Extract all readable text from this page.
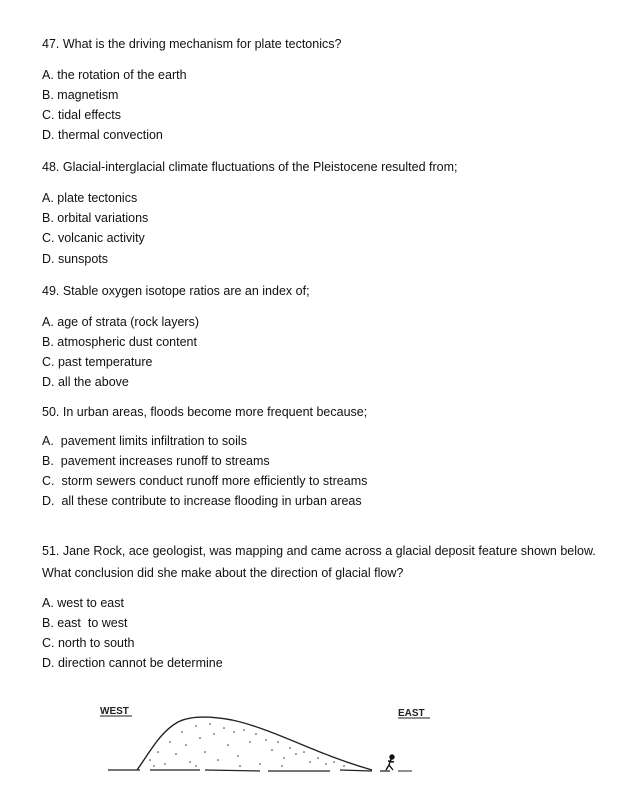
47. What is the driving mechanism for plate tectonics?
A. the rotation of the earth
B. magnetism
C. tidal effects
D. thermal convection
48. Glacial-interglacial climate fluctuations of the Pleistocene resulted from;
A. plate tectonics
B. orbital variations
C. volcanic activity
D. sunspots
49. Stable oxygen isotope ratios are an index of;
A. age of strata (rock layers)
B. atmospheric dust content
C. past temperature
D. all the above
50. In urban areas, floods become more frequent because;
A.  pavement limits infiltration to soils
B.  pavement increases runoff to streams
C.  storm sewers conduct runoff more efficiently to streams
D.  all these contribute to increase flooding in urban areas
51. Jane Rock, ace geologist, was mapping and came across a glacial deposit feature shown below. What conclusion did she make about the direction of glacial flow?
A. west to east
B. east  to west
C. north to south
D. direction cannot be determine
WEST	EAST
